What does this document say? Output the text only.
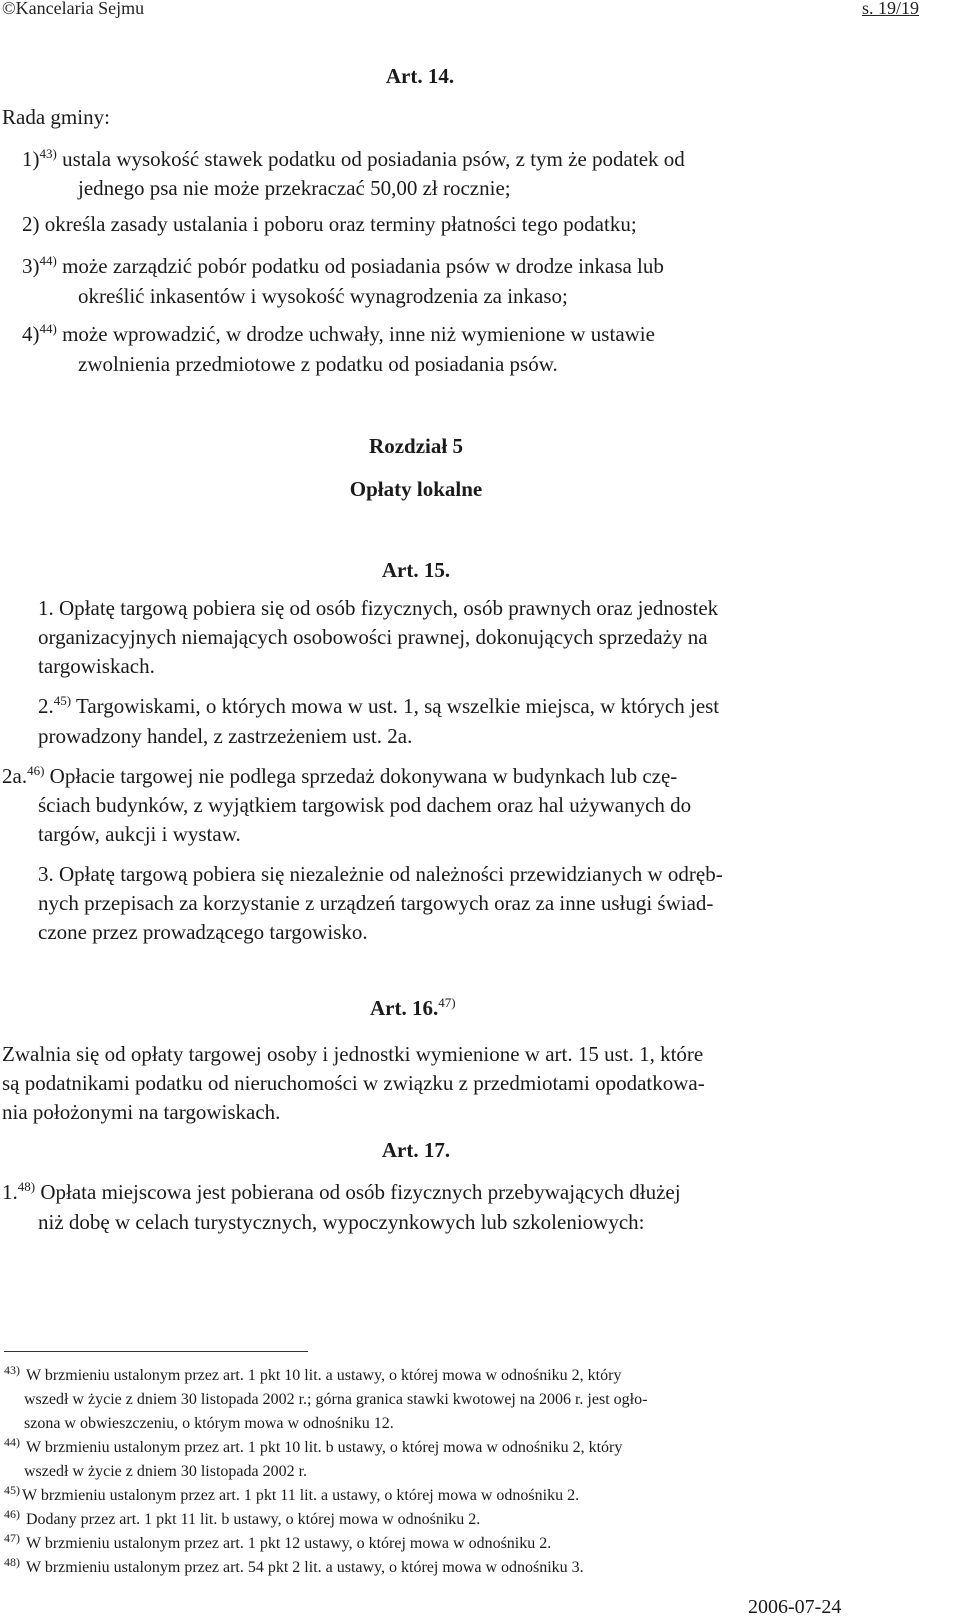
©Kancelaria Sejmu	s. 19/19
Art. 14.
Rada gminy:
1)$^{43)}$ ustala wysokość stawek podatku od posiadania psów, z tym że podatek od
jednego psa nie może przekraczać 50,00 zł rocznie;
2) określa zasady ustalania i poboru oraz terminy płatności tego podatku;
3)$^{44)}$ może zarządzić pobór podatku od posiadania psów w drodze inkasa lub
określić inkasentów i wysokość wynagrodzenia za inkaso;
4)$^{44)}$ może wprowadzić, w drodze uchwały, inne niż wymienione w ustawie
zwolnienia przedmiotowe z podatku od posiadania psów.
Rozdział 5
Opłaty lokalne
Art. 15.
1. Opłatę targową pobiera się od osób fizycznych, osób prawnych oraz jednostek
organizacyjnych niemających osobowości prawnej, dokonujących sprzedaży na
targowiskach.
2.$^{45)}$ Targowiskami, o których mowa w ust. 1, są wszelkie miejsca, w których jest
prowadzony handel, z zastrzeżeniem ust. 2a.
2a.$^{46)}$ Opłacie targowej nie podlega sprzedaż dokonywana w budynkach lub czę-
ściach budynków, z wyjątkiem targowisk pod dachem oraz hal używanych do
targów, aukcji i wystaw.
3. Opłatę targową pobiera się niezależnie od należności przewidzianych w odręb-
nych przepisach za korzystanie z urządzeń targowych oraz za inne usługi świad-
czone przez prowadzącego targowisko.
Art. 16.$^{47)}$
Zwalnia się od opłaty targowej osoby i jednostki wymienione w art. 15 ust. 1, które
są podatnikami podatku od nieruchomości w związku z przedmiotami opodatkowa-
nia położonymi na targowiskach.
Art. 17.
1.$^{48)}$ Opłata miejscowa jest pobierana od osób fizycznych przebywających dłużej
niż dobę w celach turystycznych, wypoczynkowych lub szkoleniowych:
$^{43)}$ W brzmieniu ustalonym przez art. 1 pkt 10 lit. a ustawy, o której mowa w odnośniku 2, który
wszedł w życie z dniem 30 listopada 2002 r.; górna granica stawki kwotowej na 2006 r. jest ogło-
szona w obwieszczeniu, o którym mowa w odnośniku 12.
$^{44)}$ W brzmieniu ustalonym przez art. 1 pkt 10 lit. b ustawy, o której mowa w odnośniku 2, który
wszedł w życie z dniem 30 listopada 2002 r.
$^{45)}$ W brzmieniu ustalonym przez art. 1 pkt 11 lit. a ustawy, o której mowa w odnośniku 2.
$^{46)}$ Dodany przez art. 1 pkt 11 lit. b ustawy, o której mowa w odnośniku 2.
$^{47)}$ W brzmieniu ustalonym przez art. 1 pkt 12 ustawy, o której mowa w odnośniku 2.
$^{48)}$ W brzmieniu ustalonym przez art. 54 pkt 2 lit. a ustawy, o której mowa w odnośniku 3.
2006-07-24
